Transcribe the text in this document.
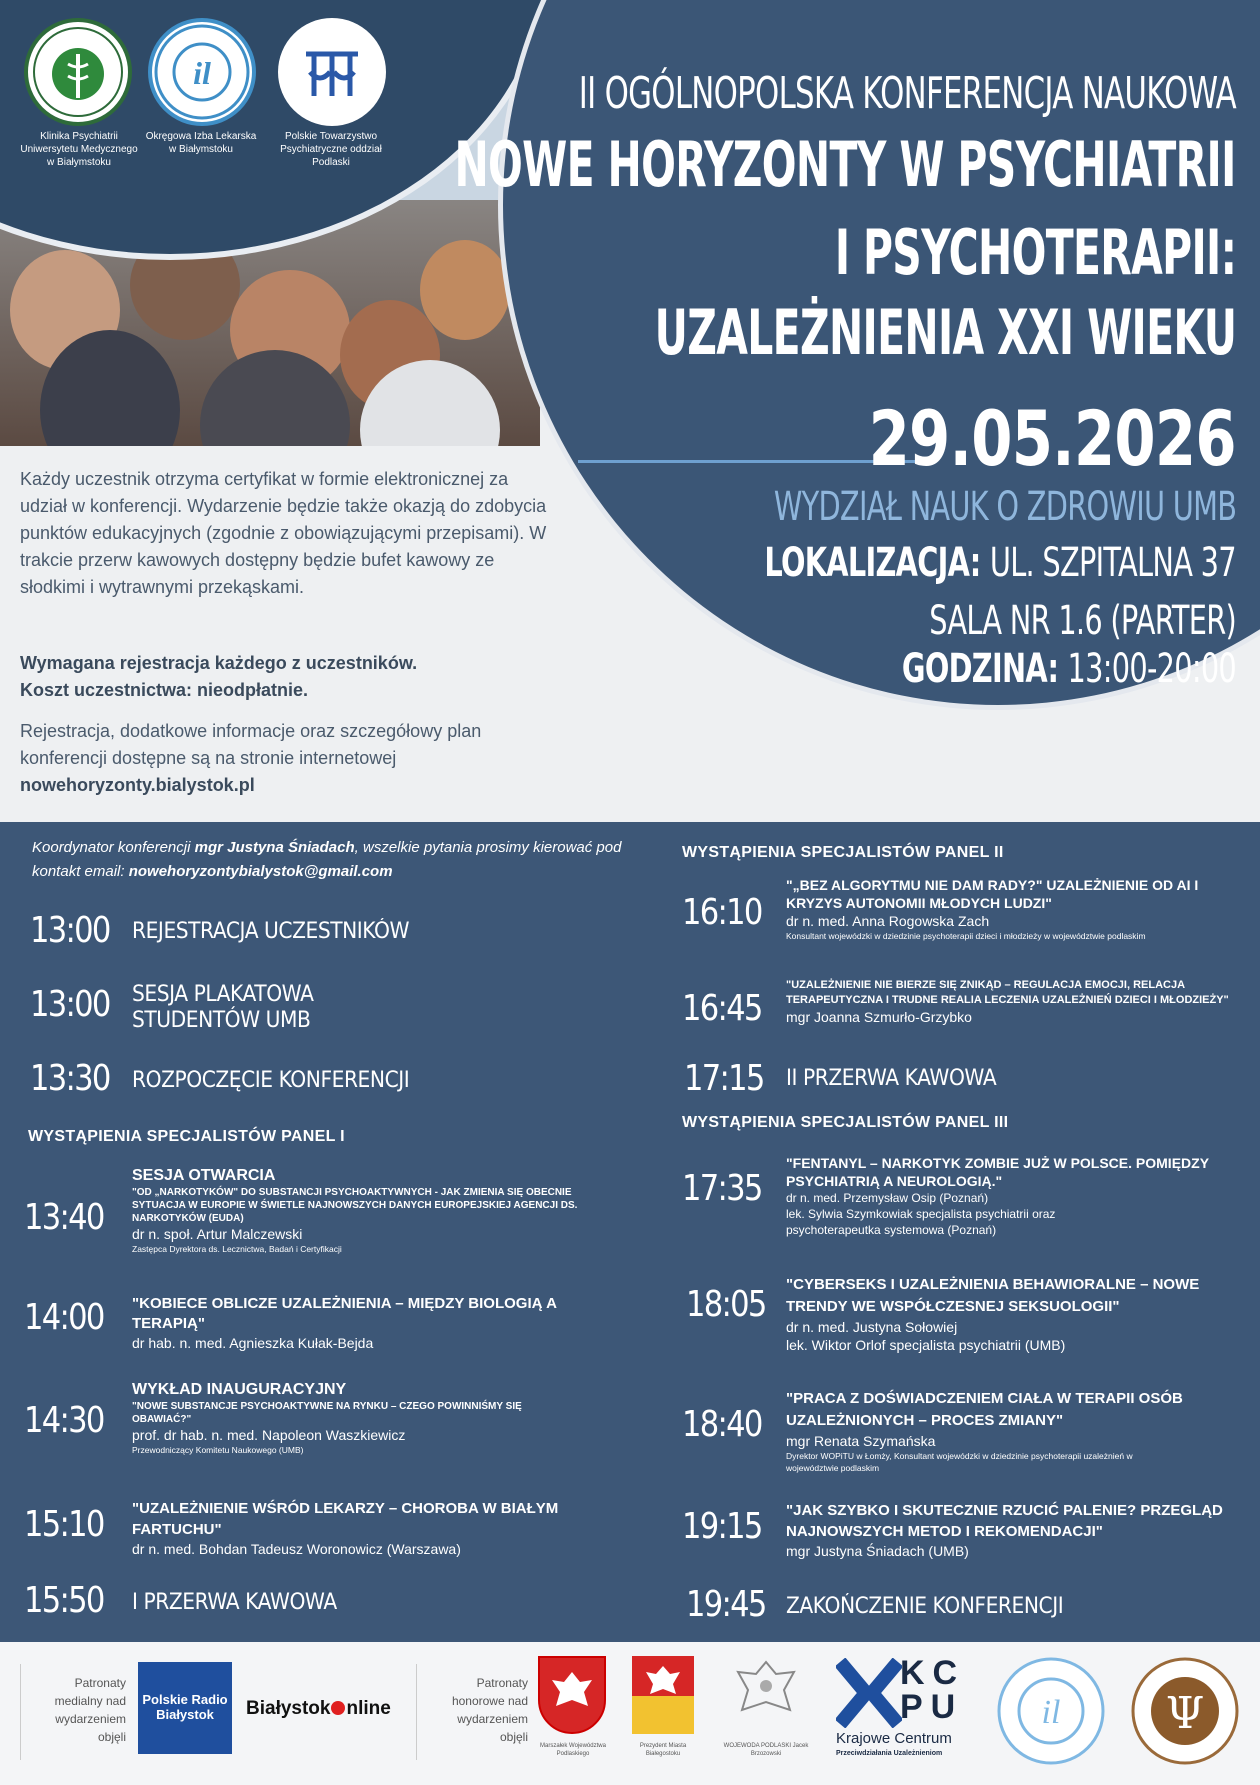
il
Klinika Psychiatrii Uniwersytetu Medycznego w Białymstoku
Okręgowa Izba Lekarska w Białymstoku
Polskie Towarzystwo Psychiatryczne oddział Podlaski
II OGÓLNOPOLSKA KONFERENCJA NAUKOWA
NOWE HORYZONTY W PSYCHIATRII
I PSYCHOTERAPII:
UZALEŻNIENIA XXI WIEKU
29.05.2026
WYDZIAŁ NAUK O ZDROWIU UMB
LOKALIZACJA: UL. SZPITALNA 37
SALA NR 1.6 (PARTER)
GODZINA: 13:00-20:00
Każdy uczestnik otrzyma certyfikat w formie elektronicznej za udział w konferencji. Wydarzenie będzie także okazją do zdobycia punktów edukacyjnych (zgodnie z obowiązującymi przepisami). W trakcie przerw kawowych dostępny będzie bufet kawowy ze słodkimi i wytrawnymi przekąskami.
Wymagana rejestracja każdego z uczestników.
Koszt uczestnictwa: nieodpłatnie.
Rejestracja, dodatkowe informacje oraz szczegółowy plan konferencji dostępne są na stronie internetowej
nowehoryzonty.bialystok.pl
Koordynator konferencji mgr Justyna Śniadach, wszelkie pytania prosimy kierować pod kontakt email: nowehoryzontybialystok@gmail.com
13:00 REJESTRACJA UCZESTNIKÓW
13:00 SESJA PLAKATOWA
STUDENTÓW UMB
13:30 ROZPOCZĘCIE KONFERENCJI
WYSTĄPIENIA SPECJALISTÓW PANEL I
13:40
SESJA OTWARCIA
"OD „NARKOTYKÓW" DO SUBSTANCJI PSYCHOAKTYWNYCH - JAK ZMIENIA SIĘ OBECNIE SYTUACJA W EUROPIE W ŚWIETLE NAJNOWSZYCH DANYCH EUROPEJSKIEJ AGENCJI DS. NARKOTYKÓW (EUDA)
dr n. społ. Artur Malczewski
Zastępca Dyrektora ds. Lecznictwa, Badań i Certyfikacji
14:00 "KOBIECE OBLICZE UZALEŻNIENIA – MIĘDZY BIOLOGIĄ A TERAPIĄ"
dr hab. n. med. Agnieszka Kułak-Bejda
14:30
WYKŁAD INAUGURACYJNY
"NOWE SUBSTANCJE PSYCHOAKTYWNE NA RYNKU – CZEGO POWINNIŚMY SIĘ OBAWIAĆ?"
prof. dr hab. n. med. Napoleon Waszkiewicz
Przewodniczący Komitetu Naukowego (UMB)
15:10 "UZALEŻNIENIE WŚRÓD LEKARZY – CHOROBA W BIAŁYM FARTUCHU"
dr n. med. Bohdan Tadeusz Woronowicz (Warszawa)
15:50 I PRZERWA KAWOWA
WYSTĄPIENIA SPECJALISTÓW PANEL II
16:10
"„BEZ ALGORYTMU NIE DAM RADY?" UZALEŻNIENIE OD AI I KRYZYS AUTONOMII MŁODYCH LUDZI"
dr n. med. Anna Rogowska Zach
Konsultant wojewódzki w dziedzinie psychoterapii dzieci i młodzieży w województwie podlaskim
16:45
"UZALEŻNIENIE NIE BIERZE SIĘ ZNIKĄD – REGULACJA EMOCJI, RELACJA TERAPEUTYCZNA I TRUDNE REALIA LECZENIA UZALEŻNIEŃ DZIECI I MŁODZIEŻY"
mgr Joanna Szmurło-Grzybko
17:15 II PRZERWA KAWOWA
WYSTĄPIENIA SPECJALISTÓW PANEL III
17:35
"FENTANYL – NARKOTYK ZOMBIE JUŻ W POLSCE. POMIĘDZY PSYCHIATRIĄ A NEUROLOGIĄ."
dr n. med. Przemysław Osip (Poznań)
lek. Sylwia Szymkowiak specjalista psychiatrii oraz psychoterapeutka systemowa (Poznań)
18:05 "CYBERSEKS I UZALEŻNIENIA BEHAWIORALNE – NOWE TRENDY WE WSPÓŁCZESNEJ SEKSUOLOGII"
dr n. med. Justyna Sołowiej
lek. Wiktor Orlof specjalista psychiatrii (UMB)
18:40
"PRACA Z DOŚWIADCZENIEM CIAŁA W TERAPII OSÓB UZALEŻNIONYCH – PROCES ZMIANY"
mgr Renata Szymańska
Dyrektor WOPiTU w Łomży, Konsultant wojewódzki w dziedzinie psychoterapii uzależnień w województwie podlaskim
19:15 "JAK SZYBKO I SKUTECZNIE RZUCIĆ PALENIE? PRZEGLĄD NAJNOWSZYCH METOD I REKOMENDACJI"
mgr Justyna Śniadach (UMB)
19:45 ZAKOŃCZENIE KONFERENCJI
Patronaty medialny nad wydarzeniem objęli
Polskie Radio Białystok	Białystok nline
Patronaty honorowe nad wydarzeniem objęli
Marszałek Województwa Podlaskiego
Prezydent Miasta Białegostoku
WOJEWODA PODLASKI Jacek Brzozowski
KC
PU
Krajowe Centrum
Przeciwdziałania Uzależnieniom
il Ψ
